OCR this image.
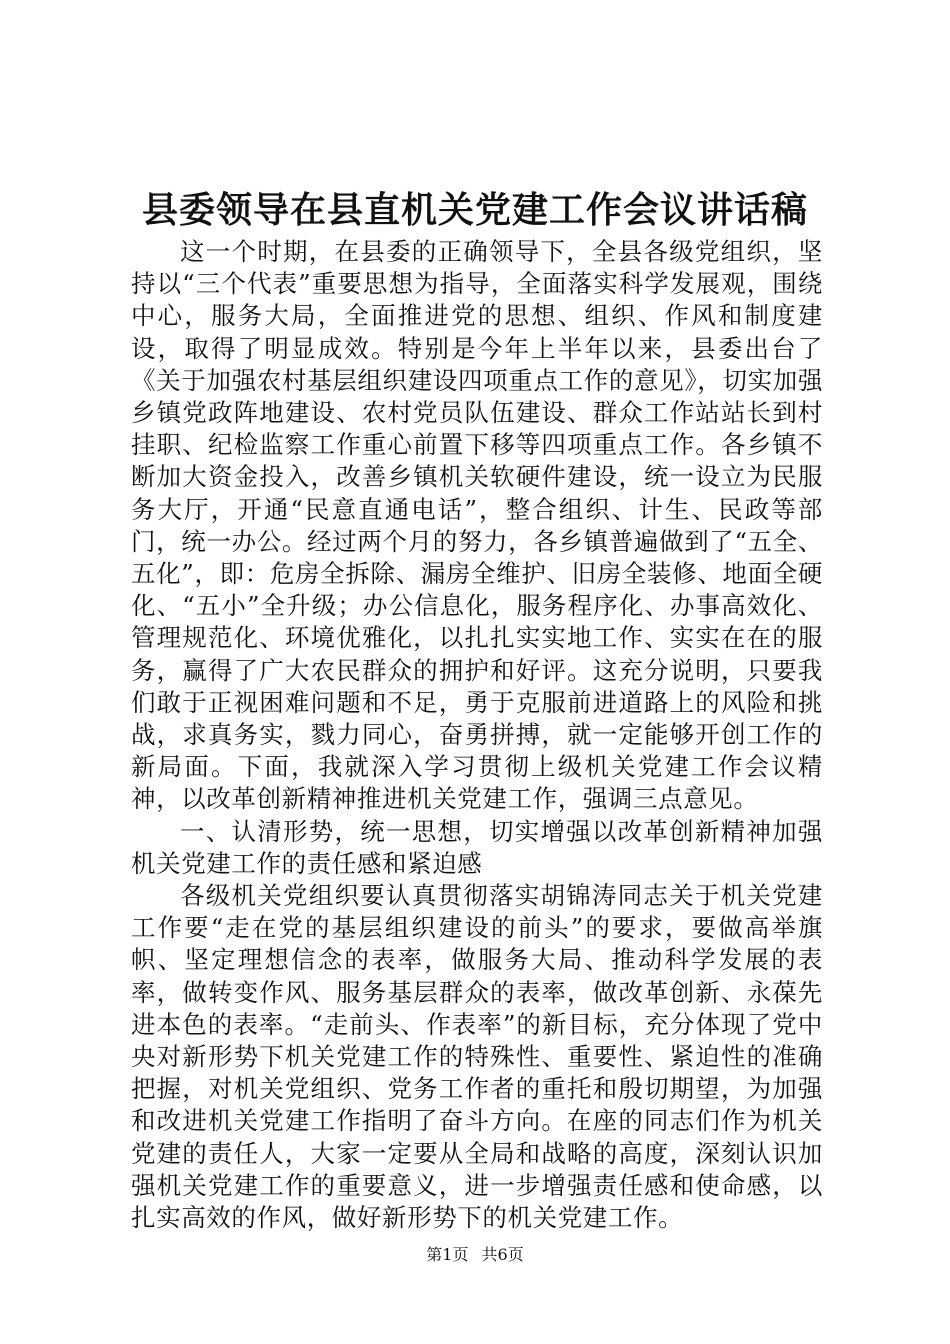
县委领导在县直机关党建工作会议讲话稿

这一个时期，在县委的正确领导下，全县各级党组织，坚持以“三个代表”重要思想为指导，全面落实科学发展观，围绕中心，服务大局，全面推进党的思想、组织、作风和制度建设，取得了明显成效。特别是今年上半年以来，县委出台了《关于加强农村基层组织建设四项重点工作的意见》，切实加强乡镇党政阵地建设、农村党员队伍建设、群众工作站站长到村挂职、纪检监察工作重心前置下移等四项重点工作。各乡镇不断加大资金投入，改善乡镇机关软硬件建设，统一设立为民服务大厅，开通“民意直通电话”，整合组织、计生、民政等部门，统一办公。经过两个月的努力，各乡镇普遍做到了“五全、五化”，即：危房全拆除、漏房全维护、旧房全装修、地面全硬化、“五小”全升级；办公信息化，服务程序化、办事高效化、管理规范化、环境优雅化，以扎扎实实地工作、实实在在的服务，赢得了广大农民群众的拥护和好评。这充分说明，只要我们敢于正视困难问题和不足，勇于克服前进道路上的风险和挑战，求真务实，戮力同心，奋勇拼搏，就一定能够开创工作的新局面。下面，我就深入学习贯彻上级机关党建工作会议精神，以改革创新精神推进机关党建工作，强调三点意见。

一、认清形势，统一思想，切实增强以改革创新精神加强机关党建工作的责任感和紧迫感

各级机关党组织要认真贯彻落实胡锦涛同志关于机关党建工作要“走在党的基层组织建设的前头”的要求，要做高举旗帜、坚定理想信念的表率，做服务大局、推动科学发展的表率，做转变作风、服务基层群众的表率，做改革创新、永葆先进本色的表率。“走前头、作表率”的新目标，充分体现了党中央对新形势下机关党建工作的特殊性、重要性、紧迫性的准确把握，对机关党组织、党务工作者的重托和殷切期望，为加强和改进机关党建工作指明了奋斗方向。在座的同志们作为机关党建的责任人，大家一定要从全局和战略的高度，深刻认识加强机关党建工作的重要意义，进一步增强责任感和使命感，以扎实高效的作风，做好新形势下的机关党建工作。

第1页 共6页
